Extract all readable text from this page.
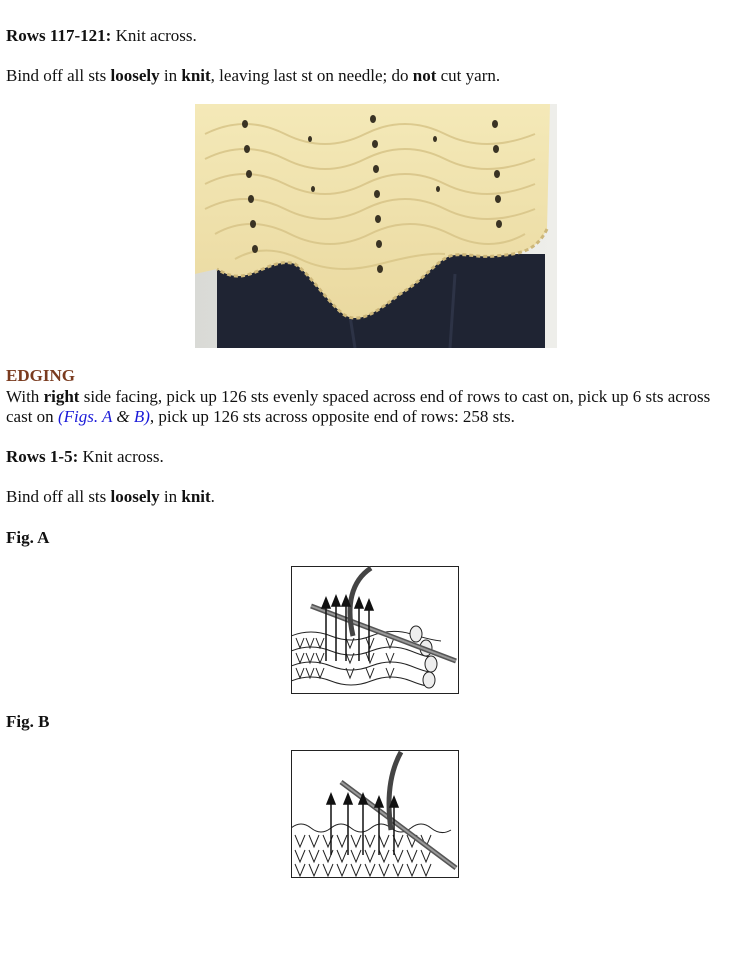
Rows 117-121: Knit across.

Bind off all sts loosely in knit, leaving last st on needle; do not cut yarn.

EDGING

With right side facing, pick up 126 sts evenly spaced across end of rows to cast on, pick up 6 sts across cast on (Figs. A & B), pick up 126 sts across opposite end of rows: 258 sts.

Rows 1-5: Knit across.

Bind off all sts loosely in knit.

Fig. A

Fig. B
